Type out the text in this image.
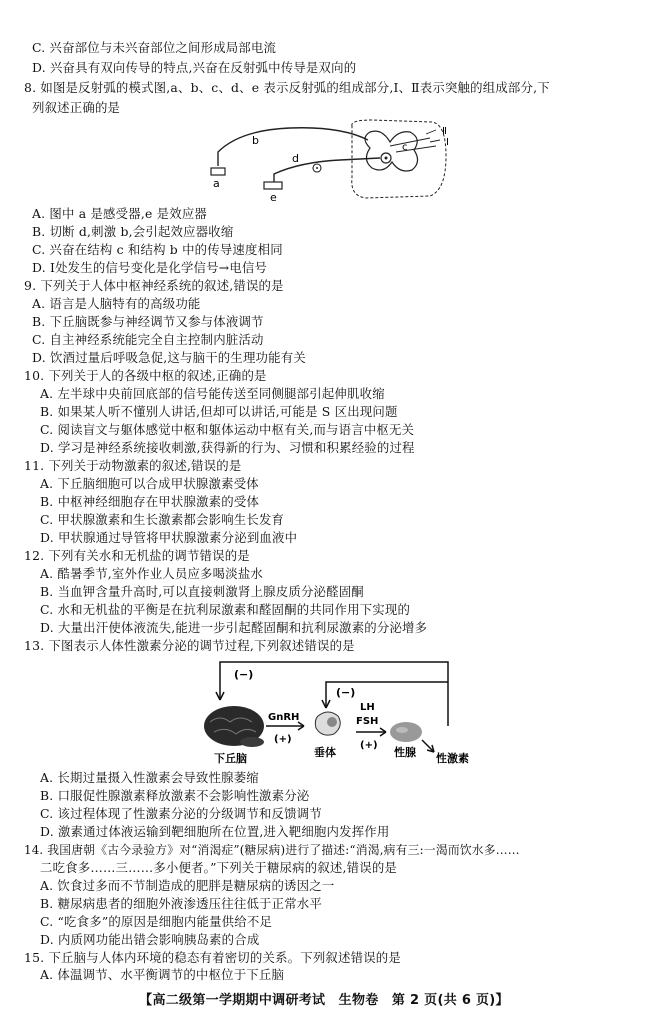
C. 兴奋部位与未兴奋部位之间形成局部电流
D. 兴奋具有双向传导的特点,兴奋在反射弧中传导是双向的
8. 如图是反射弧的模式图,a、b、c、d、e 表示反射弧的组成部分,Ⅰ、Ⅱ表示突触的组成部分,下
列叙述正确的是
b
a
d
e
c
Ⅱ
Ⅰ
A. 图中 a 是感受器,e 是效应器
B. 切断 d,刺激 b,会引起效应器收缩
C. 兴奋在结构 c 和结构 b 中的传导速度相同
D. Ⅰ处发生的信号变化是化学信号→电信号
9. 下列关于人体中枢神经系统的叙述,错误的是
A. 语言是人脑特有的高级功能
B. 下丘脑既参与神经调节又参与体液调节
C. 自主神经系统能完全自主控制内脏活动
D. 饮酒过量后呼吸急促,这与脑干的生理功能有关
10. 下列关于人的各级中枢的叙述,正确的是
A. 左半球中央前回底部的信号能传送至同侧腿部引起伸肌收缩
B. 如果某人听不懂别人讲话,但却可以讲话,可能是 S 区出现问题
C. 阅读盲文与躯体感觉中枢和躯体运动中枢有关,而与语言中枢无关
D. 学习是神经系统接收刺激,获得新的行为、习惯和积累经验的过程
11. 下列关于动物激素的叙述,错误的是
A. 下丘脑细胞可以合成甲状腺激素受体
B. 中枢神经细胞存在甲状腺激素的受体
C. 甲状腺激素和生长激素都会影响生长发育
D. 甲状腺通过导管将甲状腺激素分泌到血液中
12. 下列有关水和无机盐的调节错误的是
A. 酷暑季节,室外作业人员应多喝淡盐水
B. 当血钾含量升高时,可以直接刺激肾上腺皮质分泌醛固酮
C. 水和无机盐的平衡是在抗利尿激素和醛固酮的共同作用下实现的
D. 大量出汗使体液流失,能进一步引起醛固酮和抗利尿激素的分泌增多
13. 下图表示人体性激素分泌的调节过程,下列叙述错误的是
(−)
(−)
GnRH
(+)
LH
FSH
(+)
下丘脑	垂体	性腺 性激素
A. 长期过量摄入性激素会导致性腺萎缩
B. 口服促性腺激素释放激素不会影响性激素分泌
C. 该过程体现了性激素分泌的分级调节和反馈调节
D. 激素通过体液运输到靶细胞所在位置,进入靶细胞内发挥作用
14. 我国唐朝《古今录验方》对“消渴症”(糖尿病)进行了描述:“消渴,病有三:一渴而饮水多……
二吃食多……三……多小便者。”下列关于糖尿病的叙述,错误的是
A. 饮食过多而不节制造成的肥胖是糖尿病的诱因之一
B. 糖尿病患者的细胞外液渗透压往往低于正常水平
C. “吃食多”的原因是细胞内能量供给不足
D. 内质网功能出错会影响胰岛素的合成
15. 下丘脑与人体内环境的稳态有着密切的关系。下列叙述错误的是
A. 体温调节、水平衡调节的中枢位于下丘脑
【高二级第一学期期中调研考试　生物卷　第 2 页(共 6 页)】
